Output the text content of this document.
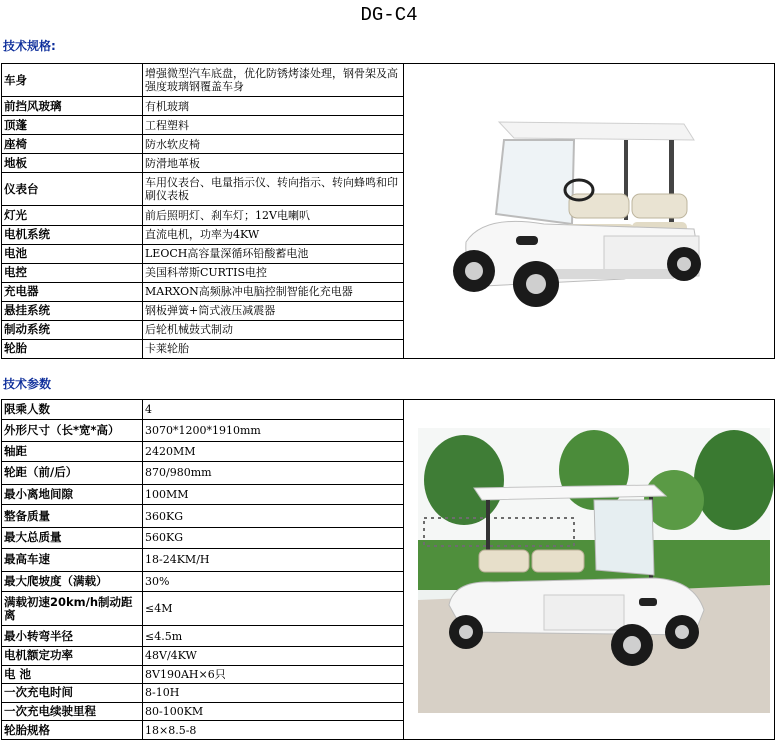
DG-C4
技术规格:
车身	增强微型汽车底盘，优化防锈烤漆处理，钢骨架及高强度玻璃钢覆盖车身	

前挡风玻璃	有机玻璃	
顶蓬	工程塑料	
座椅	防水软皮椅	
地板	防滑地革板	
仪表台	车用仪表台、电量指示仪、转向指示、转向蜂鸣和印刷仪表板	
灯光	前后照明灯、刹车灯；12V电喇叭	
电机系统	直流电机，功率为4KW	
电池	LEOCH高容量深循环铅酸蓄电池	
电控	美国科蒂斯CURTIS电控	
充电器	MARXON高频脉冲电脑控制智能化充电器	
悬挂系统	钢板弹簧+筒式液压减震器	
制动系统	后轮机械鼓式制动	
轮胎	卡莱轮胎	
技术参数
限乘人数	4	

外形尺寸（长*宽*高）	3070*1200*1910mm	
轴距	2420MM	
轮距（前/后）	870/980mm	
最小离地间隙	100MM	
整备质量	360KG	
最大总质量	560KG	
最高车速	18-24KM/H	
最大爬坡度（满载）	30%	
满载初速20km/h制动距离	≤4M	
最小转弯半径	≤4.5m	
电机额定功率	48V/4KW	
电 池	8V190AH×6只	
一次充电时间	8-10H	
一次充电续驶里程	80-100KM	
轮胎规格	18×8.5-8	
